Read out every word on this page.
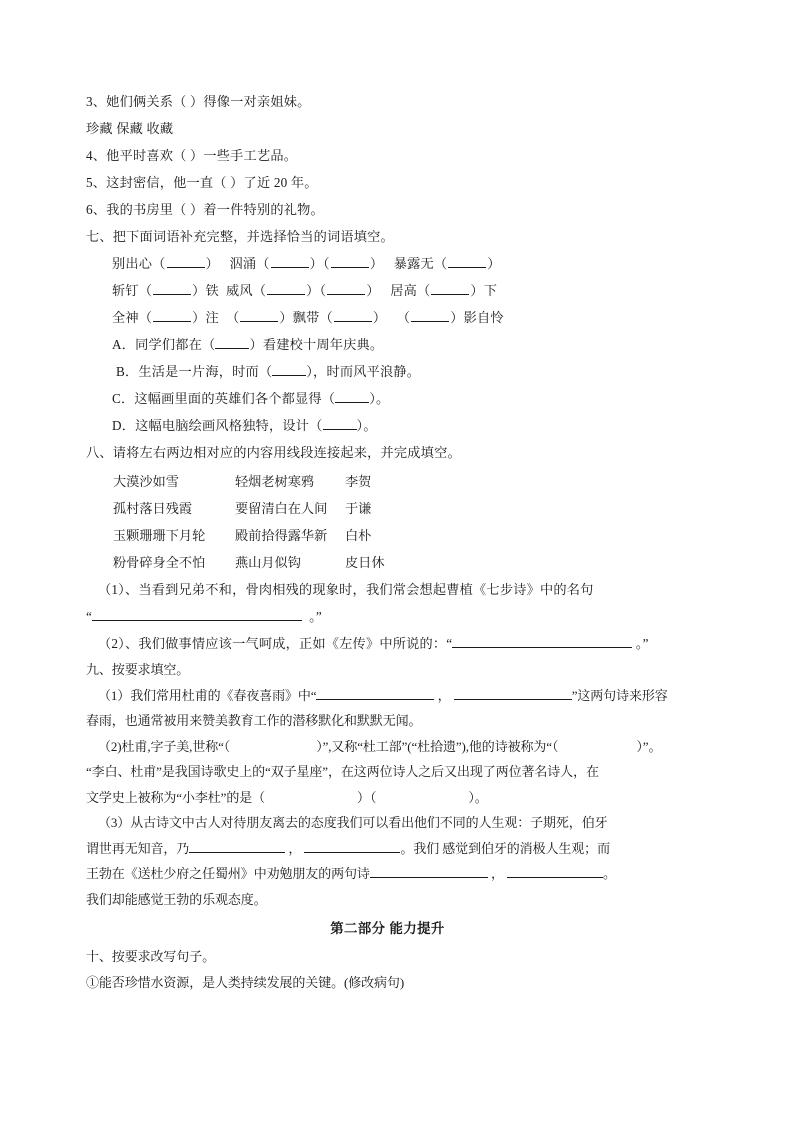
3、她们俩关系（ ）得像一对亲姐妹。
珍藏 保藏 收藏
4、他平时喜欢（ ）一些手工艺品。
5、这封密信，他一直（ ）了近 20 年。
6、我的书房里（ ）着一件特别的礼物。
七、把下面词语补充完整，并选择恰当的词语填空。
别出心（	） 泅涌（	）（	） 暴露无（	）
斩钉（	）铁 威风（	）（	） 居高（	）下
全神（	）注 （	）飘带（	） （	）影自怜
A．同学们都在（	）看建校十周年庆典。
B．生活是一片海，时而（	），时而风平浪静。
C．这幅画里面的英雄们各个都显得（	）。
D．这幅电脑绘画风格独特，设计（	）。
八、请将左右两边相对应的内容用线段连接起来，并完成填空。
大漠沙如雪	轻烟老树寒鸦	李贺
孤村落日残霞	要留清白在人间	于谦
玉颗珊珊下月轮	殿前拾得露华新	白朴
粉骨碎身全不怕	燕山月似钩	皮日休
（1）、当看到兄弟不和，骨肉相残的现象时，我们常会想起曹植《七步诗》中的名句
“	。”
（2）、我们做事情应该一气呵成，正如《左传》中所说的：“	。”
九、按要求填空。
（1）我们常用杜甫的《春夜喜雨》中“	，	”这两句诗来形容
春雨，也通常被用来赞美教育工作的潜移默化和默默无闻。
（2)杜甫,字子美,世称“（	）”,又称“杜工部”(“杜拾遗”),他的诗被称为“（	）”。
“李白、杜甫”是我国诗歌史上的“双子星座”，在这两位诗人之后又出现了两位著名诗人，在
文学史上被称为“小李杜”的是（	）（	）。
（3）从古诗文中古人对待朋友离去的态度我们可以看出他们不同的人生观：子期死，伯牙
谓世再无知音，乃	，	。我们 感觉到伯牙的消极人生观；而
王勃在《送杜少府之任蜀州》中劝勉朋友的两句诗	，	。
我们却能感觉王勃的乐观态度。
第二部分 能力提升
十、按要求改写句子。
①能否珍惜水资源，是人类持续发展的关键。(修改病句)
